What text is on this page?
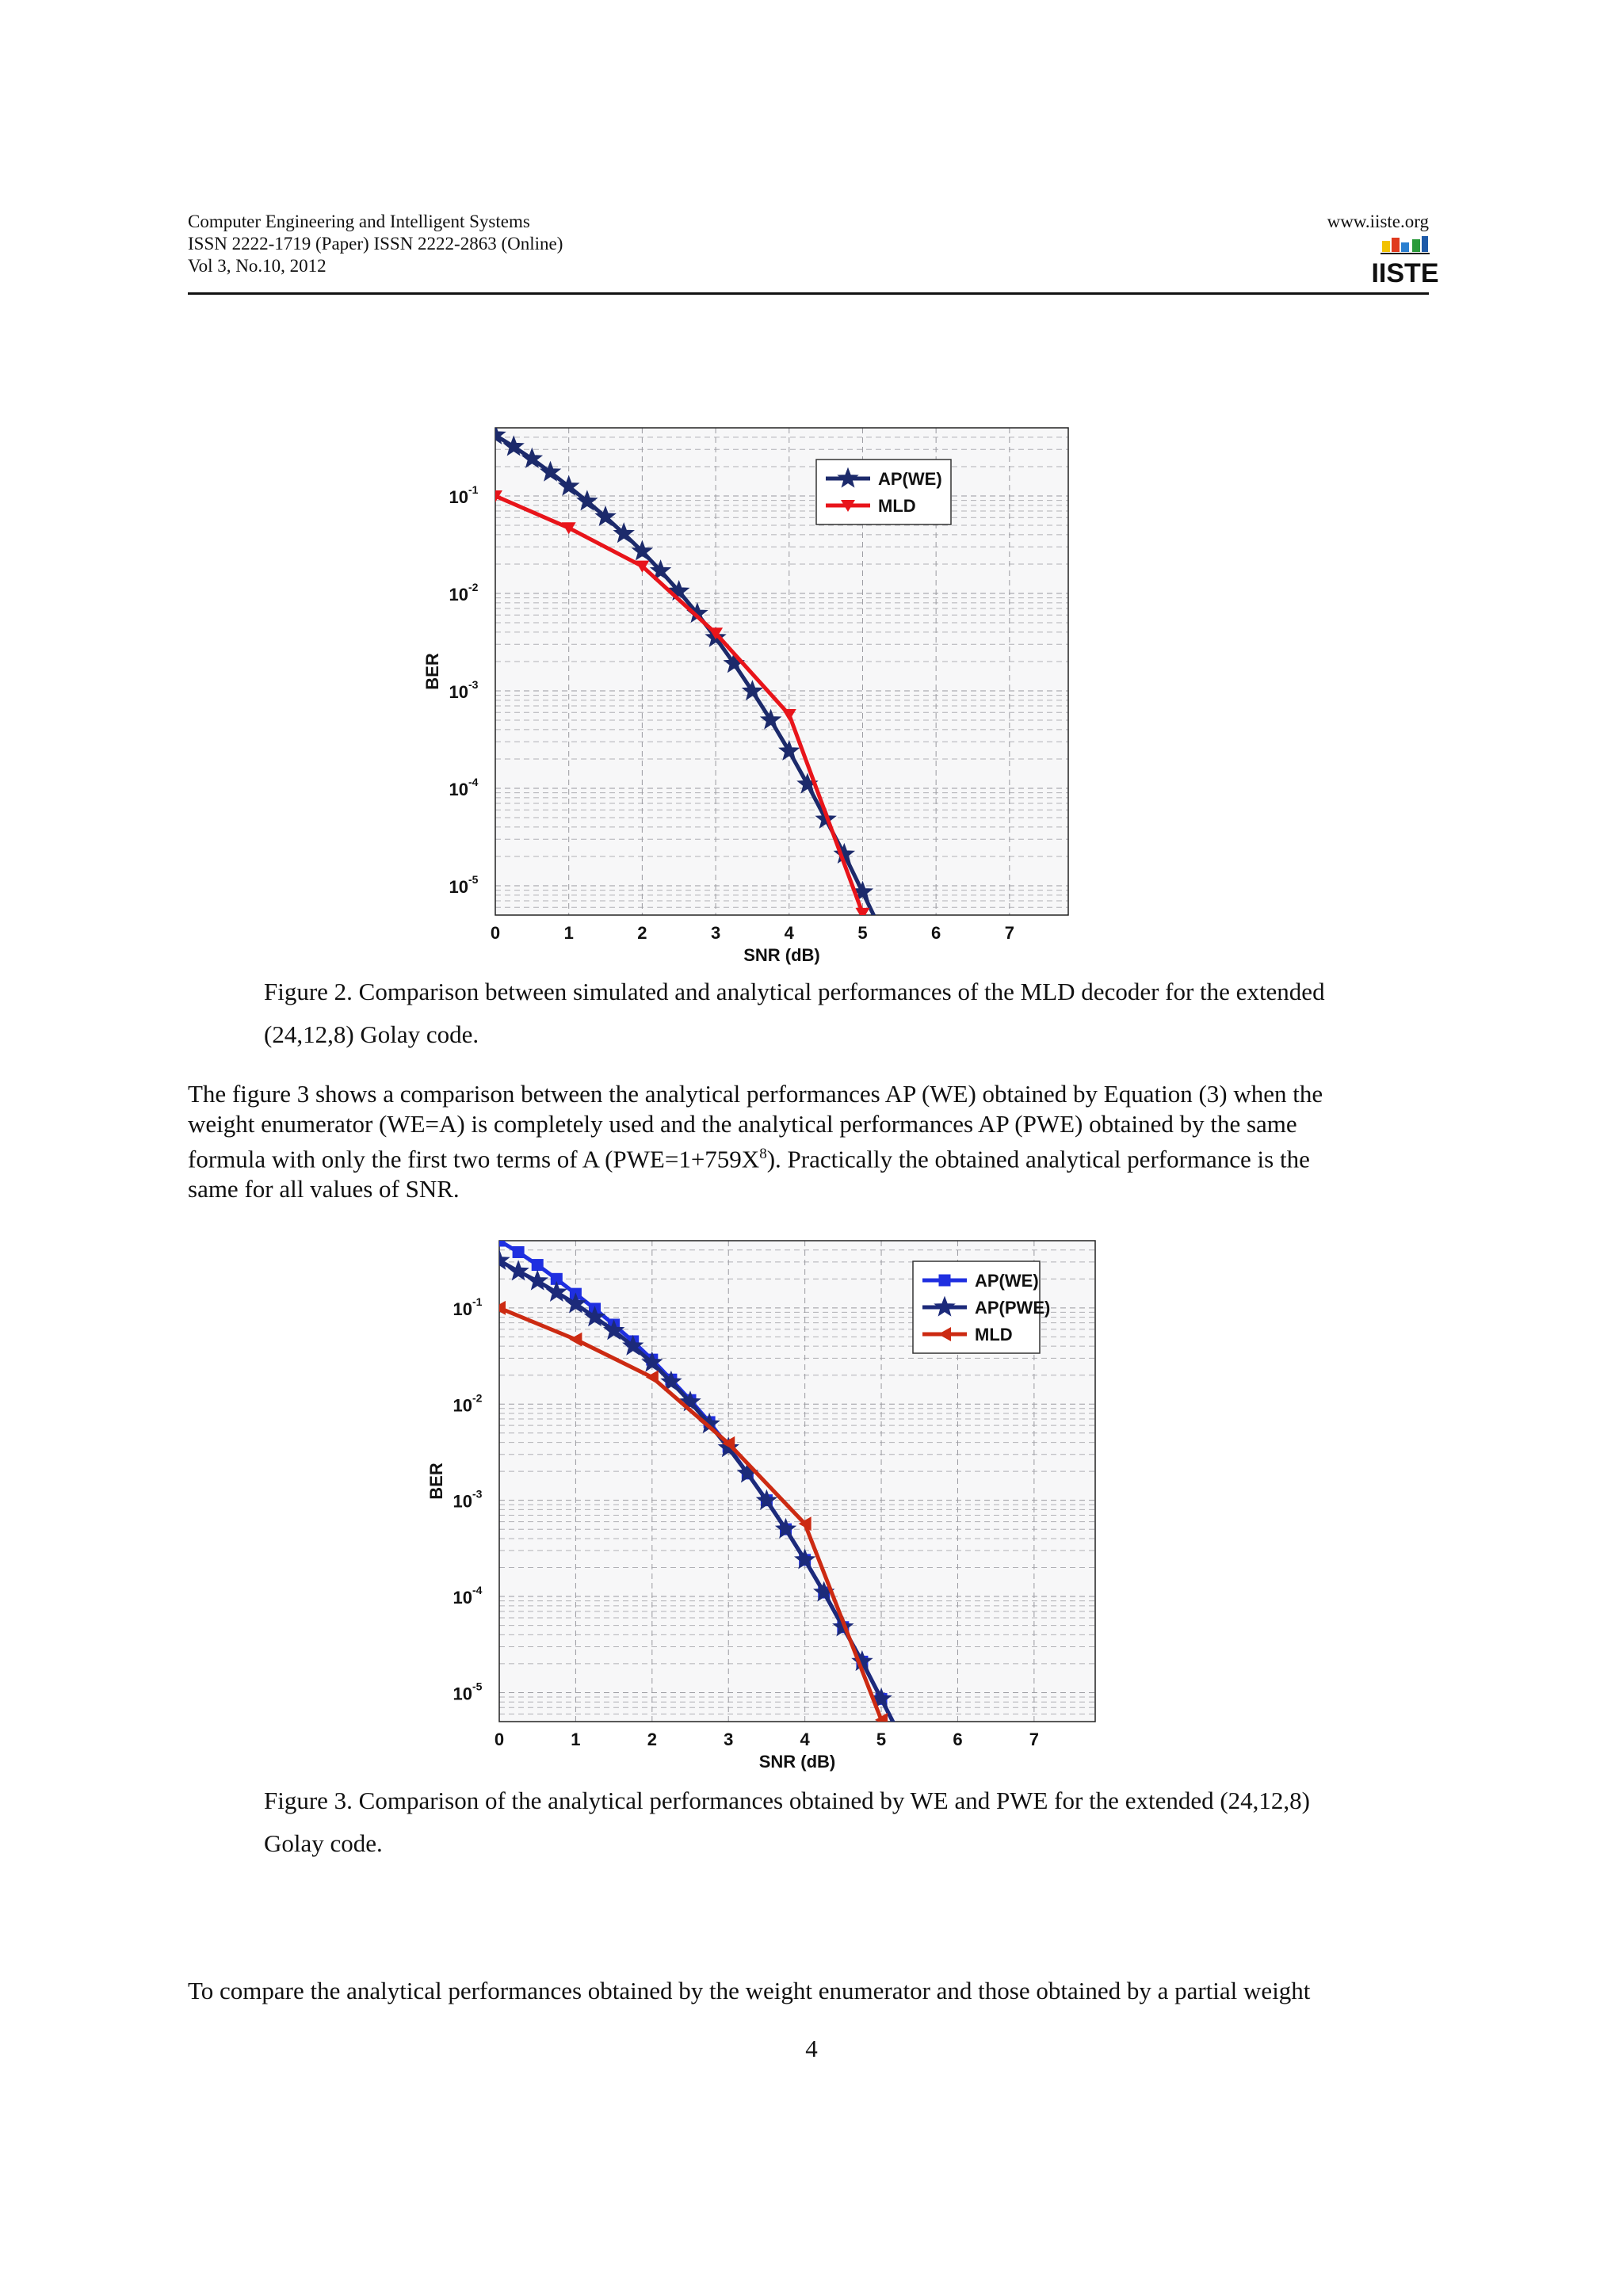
Computer Engineering and Intelligent Systems
ISSN 2222-1719 (Paper) ISSN 2222-2863 (Online)
Vol 3, No.10, 2012
www.iiste.org
IISTE
0	1	2	3	4	5	6	7
$10^{-1}$
$10^{-2}$
$10^{-3}$
$10^{-4}$
$10^{-5}$
SNR (dB)
BER
AP(WE)
MLD
Figure 2. Comparison between simulated and analytical performances of the MLD decoder for the extended
(24,12,8) Golay code.
The figure 3 shows a comparison between the analytical performances AP (WE) obtained by Equation (3) when the
weight enumerator (WE=A) is completely used and the analytical performances AP (PWE) obtained by the same
formula with only the first two terms of A $(PWE=1+759X^8)$. Practically the obtained analytical performance is the
same for all values of SNR.
0	1	2	3	4	5	6	7
$10^{-1}$
$10^{-2}$
$10^{-3}$
$10^{-4}$
$10^{-5}$
SNR (dB)
BER
AP(WE)
AP(PWE)
MLD
Figure 3. Comparison of the analytical performances obtained by WE and PWE for the extended (24,12,8)
Golay code.
To compare the analytical performances obtained by the weight enumerator and those obtained by a partial weight
4
